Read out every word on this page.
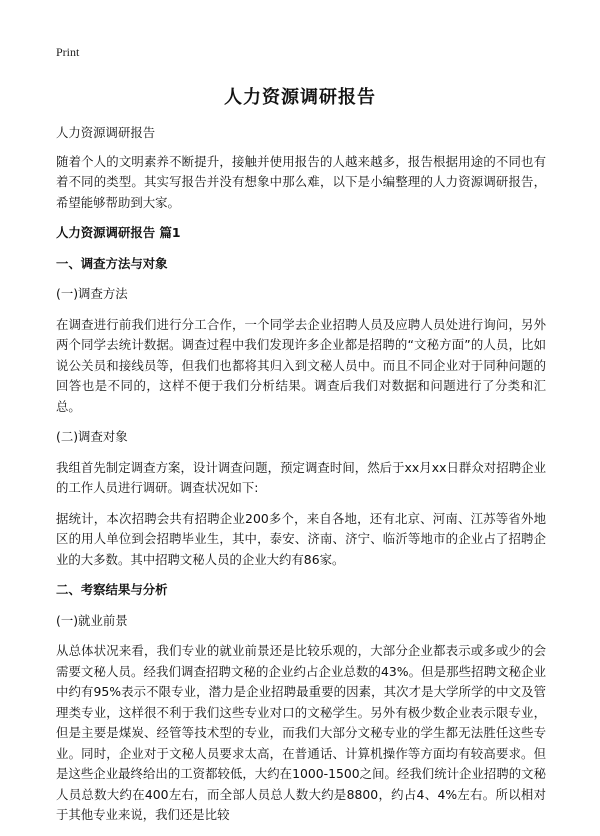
Print
人力资源调研报告

人力资源调研报告

随着个人的文明素养不断提升，接触并使用报告的人越来越多，报告根据用途的不同也有着不同的类型。其实写报告并没有想象中那么难，以下是小编整理的人力资源调研报告，希望能够帮助到大家。

人力资源调研报告 篇1

一、调查方法与对象

(一)调查方法

在调查进行前我们进行分工合作，一个同学去企业招聘人员及应聘人员处进行询问，另外两个同学去统计数据。调查过程中我们发现许多企业都是招聘的“文秘方面”的人员，比如说公关员和接线员等，但我们也都将其归入到文秘人员中。而且不同企业对于同种问题的回答也是不同的，这样不便于我们分析结果。调查后我们对数据和问题进行了分类和汇总。

(二)调查对象

我组首先制定调查方案，设计调查问题，预定调查时间，然后于xx月xx日群众对招聘企业的工作人员进行调研。调查状况如下:

据统计，本次招聘会共有招聘企业200多个，来自各地，还有北京、河南、江苏等省外地区的用人单位到会招聘毕业生，其中，泰安、济南、济宁、临沂等地市的企业占了招聘企业的大多数。其中招聘文秘人员的企业大约有86家。

二、考察结果与分析

(一)就业前景

从总体状况来看，我们专业的就业前景还是比较乐观的，大部分企业都表示或多或少的会需要文秘人员。经我们调查招聘文秘的企业约占企业总数的43%。但是那些招聘文秘企业中约有95%表示不限专业，潜力是企业招聘最重要的因素，其次才是大学所学的中文及管理类专业，这样很不利于我们这些专业对口的文秘学生。另外有极少数企业表示限专业，但是主要是煤炭、经管等技术型的专业，而我们大部分文秘专业的学生都无法胜任这些专业。同时，企业对于文秘人员要求太高，在普通话、计算机操作等方面均有较高要求。但是这些企业最终给出的工资都较低，大约在1000-1500之间。经我们统计企业招聘的文秘人员总数大约在400左右，而全部人员总人数大约是8800，约占4、4%左右。所以相对于其他专业来说，我们还是比较
